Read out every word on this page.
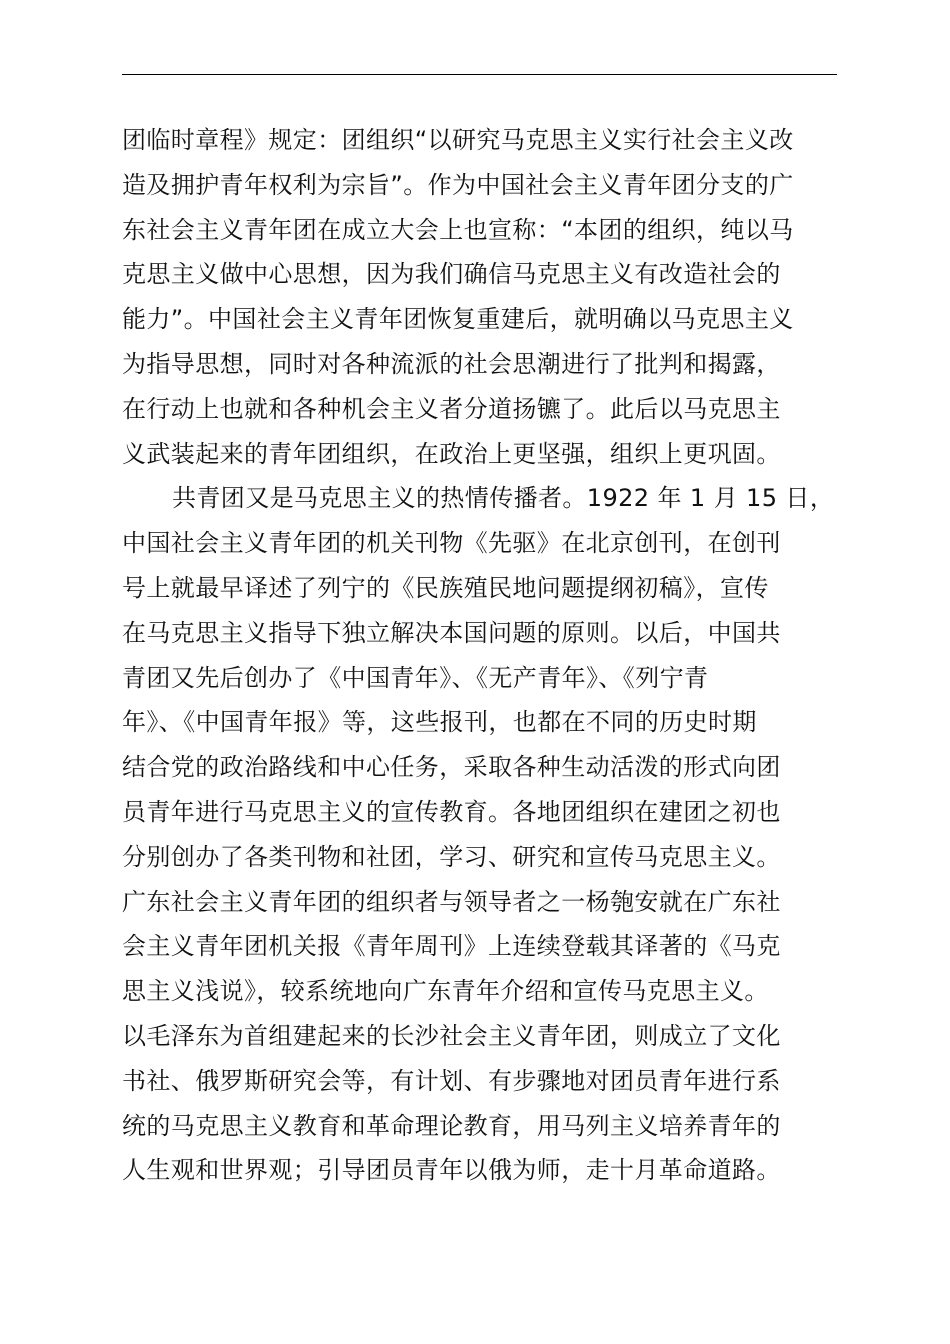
团临时章程》规定：团组织“以研究马克思主义实行社会主义改
造及拥护青年权利为宗旨”。作为中国社会主义青年团分支的广
东社会主义青年团在成立大会上也宣称：“本团的组织，纯以马
克思主义做中心思想，因为我们确信马克思主义有改造社会的
能力”。中国社会主义青年团恢复重建后，就明确以马克思主义
为指导思想，同时对各种流派的社会思潮进行了批判和揭露，
在行动上也就和各种机会主义者分道扬镳了。此后以马克思主
义武装起来的青年团组织，在政治上更坚强，组织上更巩固。
共青团又是马克思主义的热情传播者。1922 年 1 月 15 日，
中国社会主义青年团的机关刊物《先驱》在北京创刊，在创刊
号上就最早译述了列宁的《民族殖民地问题提纲初稿》，宣传
在马克思主义指导下独立解决本国问题的原则。以后，中国共
青团又先后创办了《中国青年》、《无产青年》、《列宁青
年》、《中国青年报》等，这些报刊，也都在不同的历史时期
结合党的政治路线和中心任务，采取各种生动活泼的形式向团
员青年进行马克思主义的宣传教育。各地团组织在建团之初也
分别创办了各类刊物和社团，学习、研究和宣传马克思主义。
广东社会主义青年团的组织者与领导者之一杨匏安就在广东社
会主义青年团机关报《青年周刊》上连续登载其译著的《马克
思主义浅说》，较系统地向广东青年介绍和宣传马克思主义。
以毛泽东为首组建起来的长沙社会主义青年团，则成立了文化
书社、俄罗斯研究会等，有计划、有步骤地对团员青年进行系
统的马克思主义教育和革命理论教育，用马列主义培养青年的
人生观和世界观；引导团员青年以俄为师，走十月革命道路。
